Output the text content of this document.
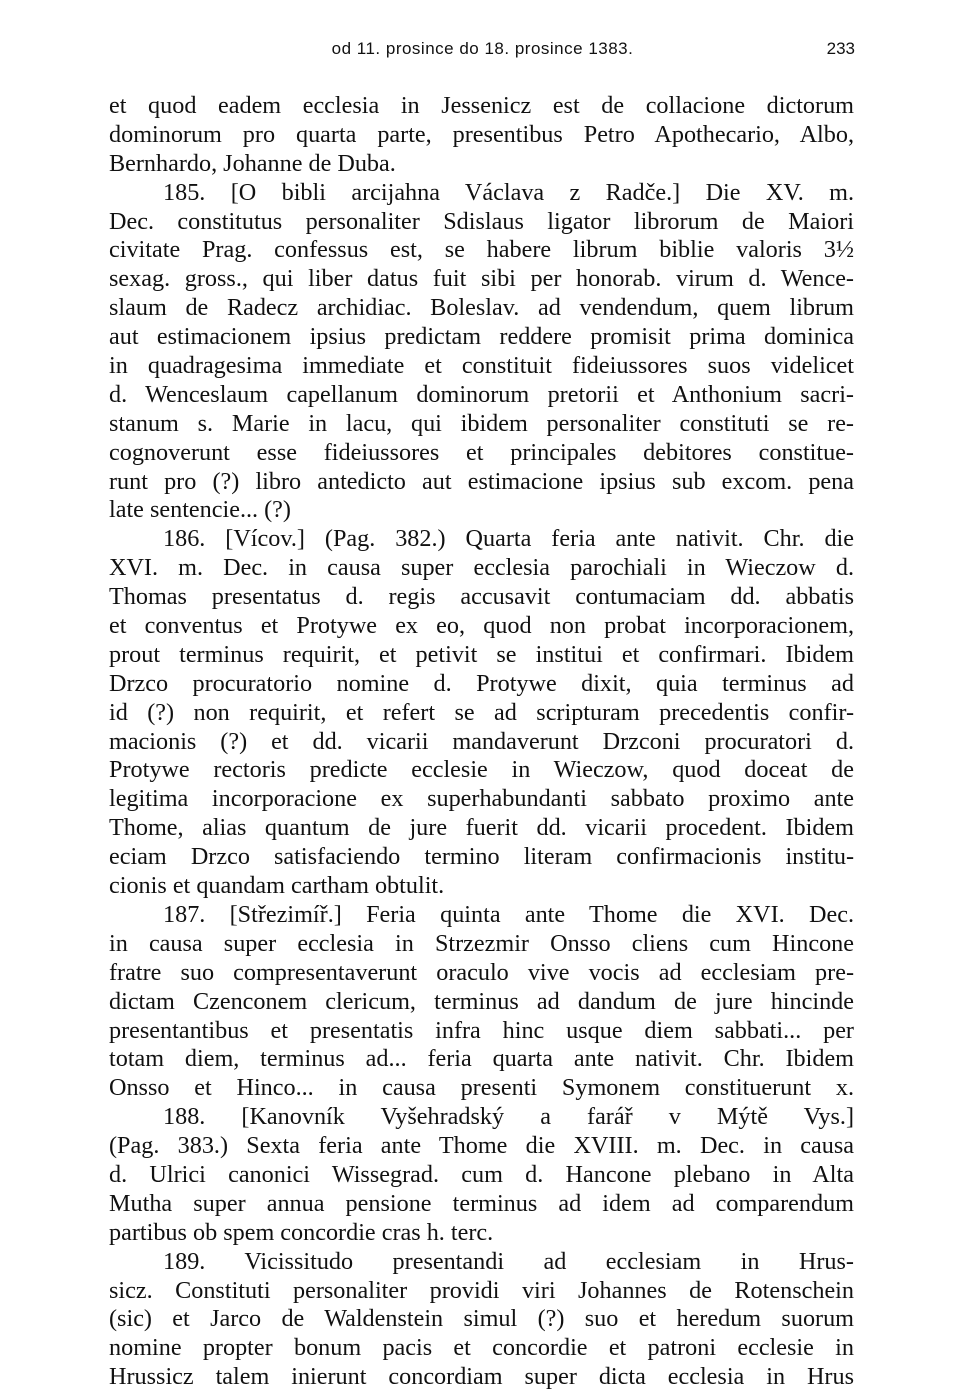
od 11. prosince do 18. prosince 1383.	233
et quod eadem ecclesia in Jessenicz est de collacione dictorum
dominorum pro quarta parte, presentibus Petro Apothecario, Albo,
Bernhardo, Johanne de Duba.
185. [O bibli arcijahna Václava z Radče.] Die XV. m.
Dec. constitutus personaliter Sdislaus ligator librorum de Maiori
civitate Prag. confessus est, se habere librum biblie valoris 3½
sexag. gross., qui liber datus fuit sibi per honorab. virum d. Wence-
slaum de Radecz archidiac. Boleslav. ad vendendum, quem librum
aut estimacionem ipsius predictam reddere promisit prima dominica
in quadragesima immediate et constituit fideiussores suos videlicet
d. Wenceslaum capellanum dominorum pretorii et Anthonium sacri-
stanum s. Marie in lacu, qui ibidem personaliter constituti se re-
cognoverunt esse fideiussores et principales debitores constitue-
runt pro (?) libro antedicto aut estimacione ipsius sub excom. pena
late sentencie... (?)
186. [Vícov.] (Pag. 382.) Quarta feria ante nativit. Chr. die
XVI. m. Dec. in causa super ecclesia parochiali in Wieczow d.
Thomas presentatus d. regis accusavit contumaciam dd. abbatis
et conventus et Protywe ex eo, quod non probat incorporacionem,
prout terminus requirit, et petivit se institui et confirmari. Ibidem
Drzco procuratorio nomine d. Protywe dixit, quia terminus ad
id (?) non requirit, et refert se ad scripturam precedentis confir-
macionis (?) et dd. vicarii mandaverunt Drzconi procuratori d.
Protywe rectoris predicte ecclesie in Wieczow, quod doceat de
legitima incorporacione ex superhabundanti sabbato proximo ante
Thome, alias quantum de jure fuerit dd. vicarii procedent. Ibidem
eciam Drzco satisfaciendo termino literam confirmacionis institu-
cionis et quandam cartham obtulit.
187. [Střezimíř.] Feria quinta ante Thome die XVI. Dec.
in causa super ecclesia in Strzezmir Onsso cliens cum Hincone
fratre suo compresentaverunt oraculo vive vocis ad ecclesiam pre-
dictam Czenconem clericum, terminus ad dandum de jure hincinde
presentantibus et presentatis infra hinc usque diem sabbati... per
totam diem, terminus ad... feria quarta ante nativit. Chr. Ibidem
Onsso et Hinco... in causa presenti Symonem constituerunt x.
188. [Kanovník Vyšehradský a farář v Mýtě Vys.]
(Pag. 383.) Sexta feria ante Thome die XVIII. m. Dec. in causa
d. Ulrici canonici Wissegrad. cum d. Hancone plebano in Alta
Mutha super annua pensione terminus ad idem ad comparendum
partibus ob spem concordie cras h. terc.
189. Vicissitudo presentandi ad ecclesiam in Hrus-
sicz. Constituti personaliter providi viri Johannes de Rotenschein
(sic) et Jarco de Waldenstein simul (?) suo et heredum suorum
nomine propter bonum pacis et concordie et patroni ecclesie in
Hrussicz talem inierunt concordiam super dicta ecclesia in Hrus
